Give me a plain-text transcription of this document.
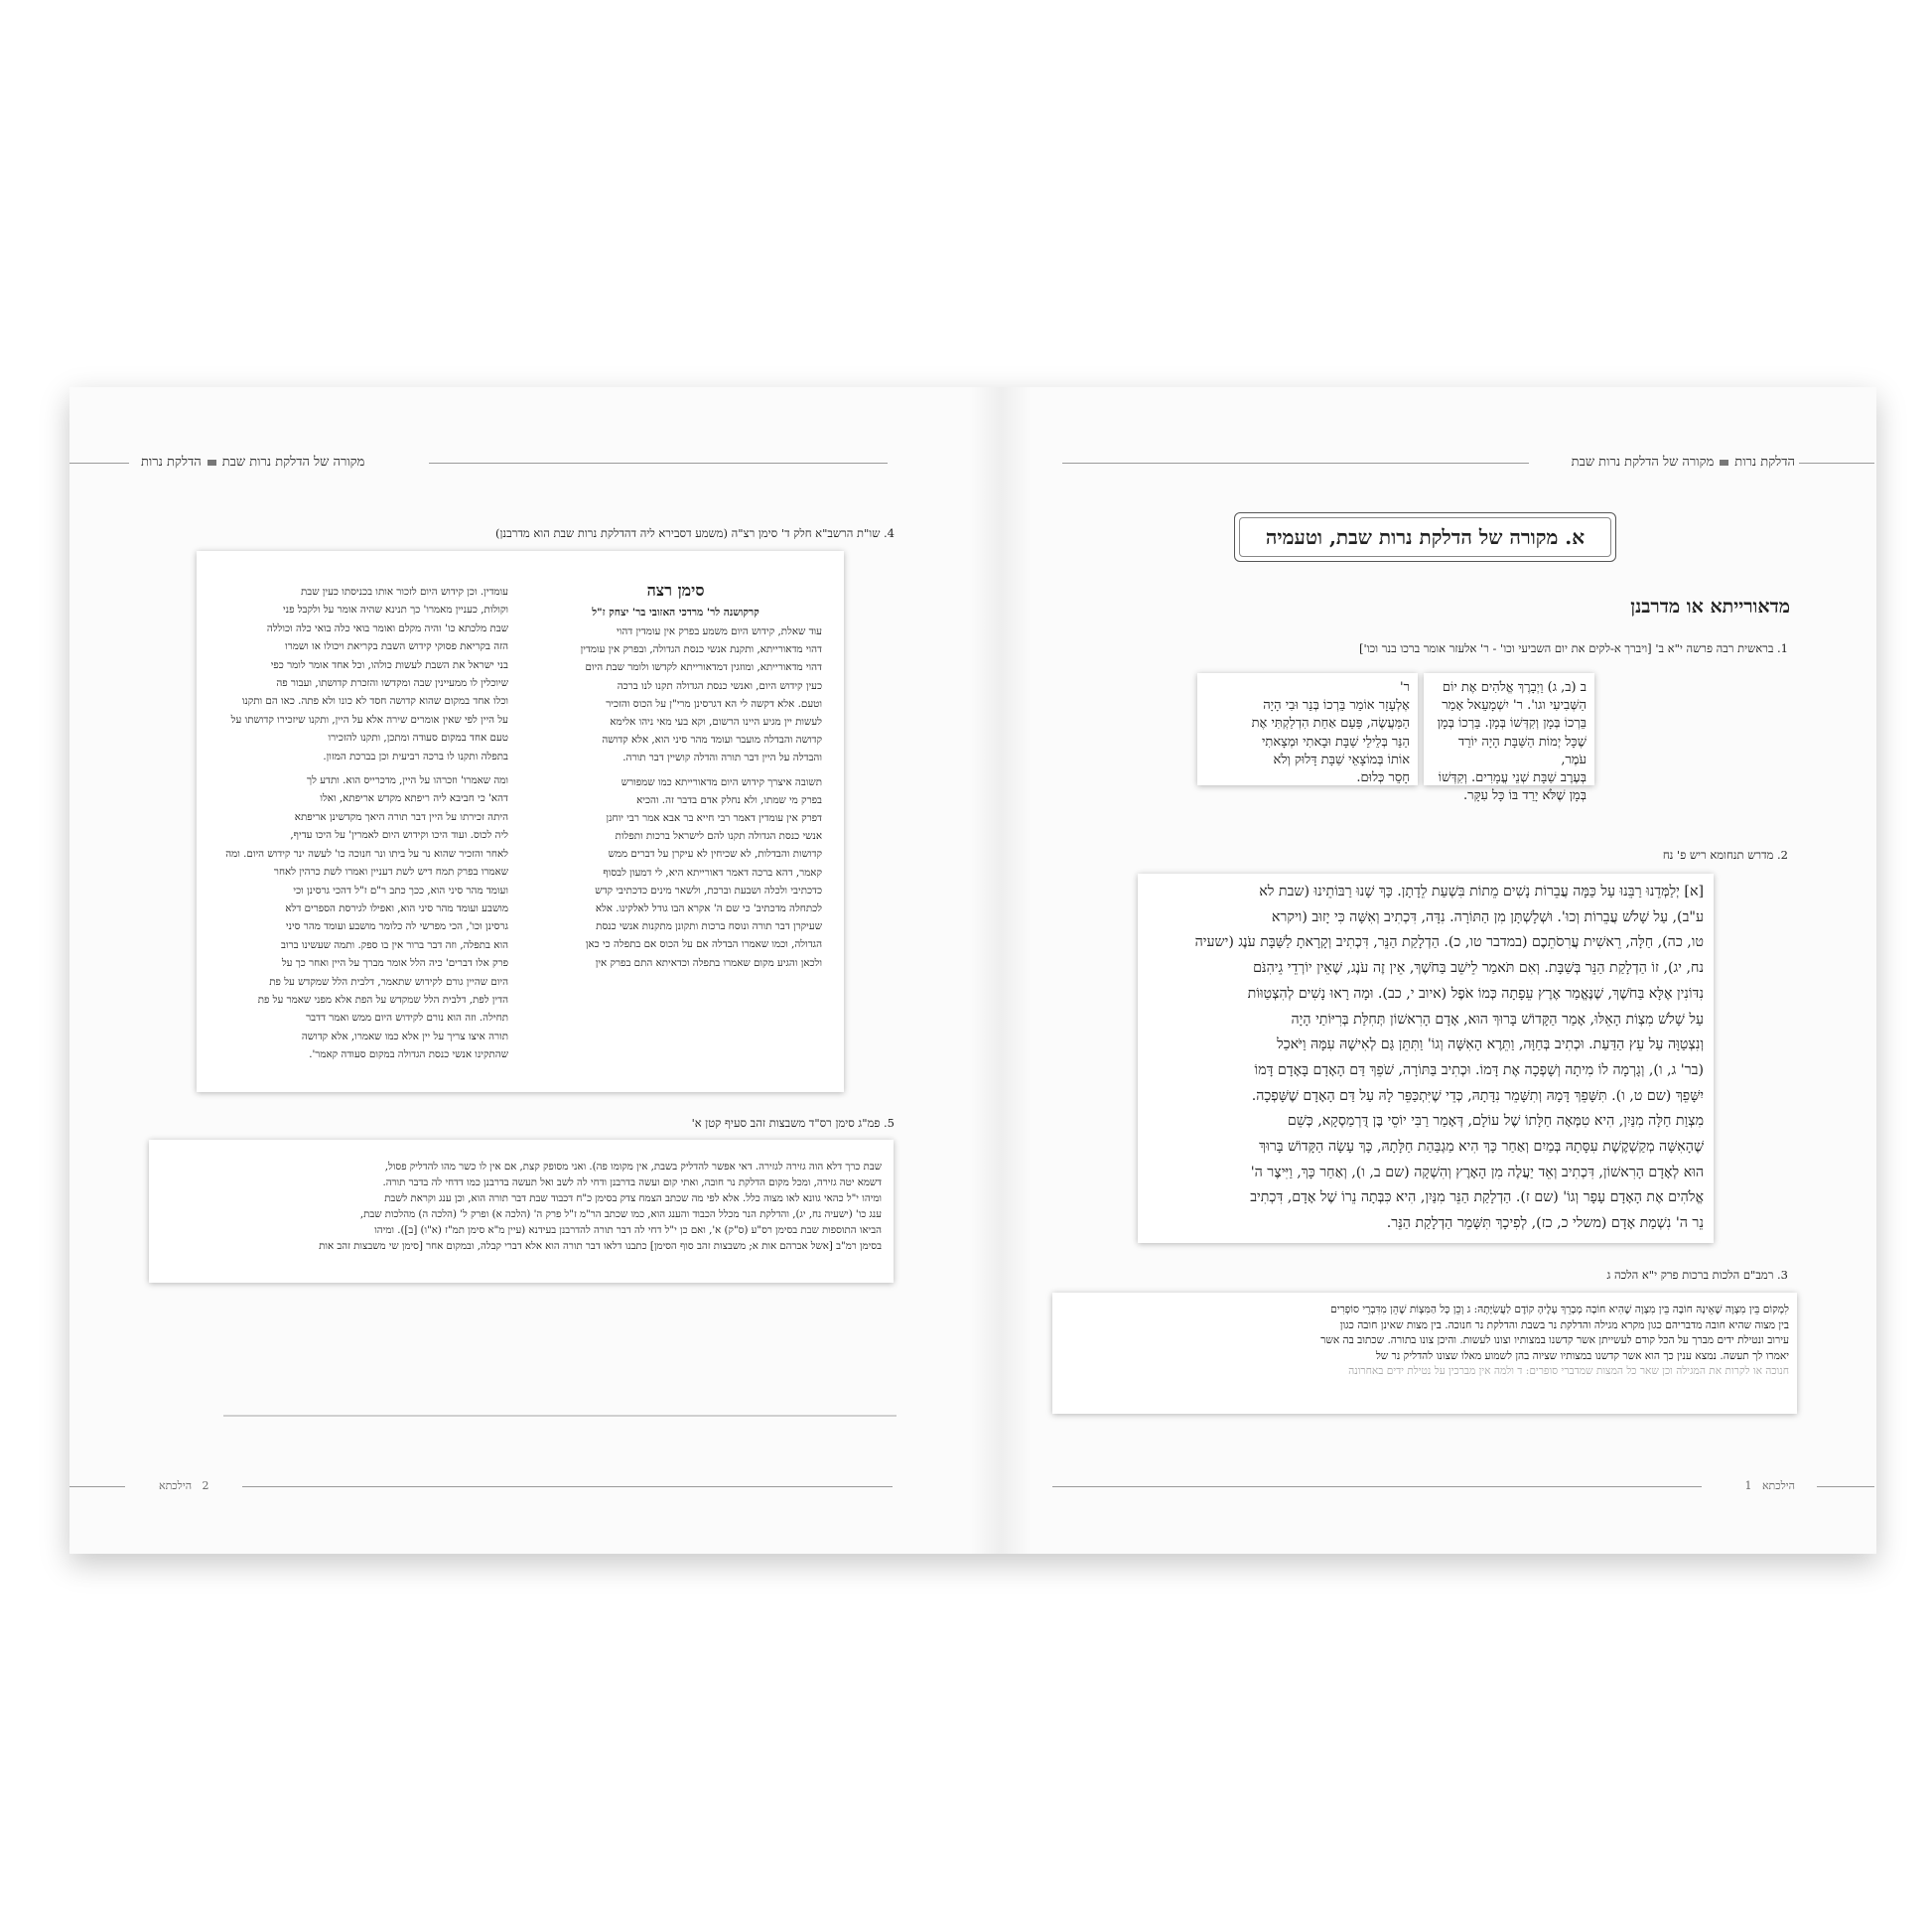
הדלקת נרותמקורה של הדלקת נרות שבת
א. מקורה של הדלקת נרות שבת, וטעמיה
מדאורייתא או מדרבנן
1. בראשית רבה פרשה י"א ב' [ויברך א-לקים את יום השביעי וכו' - ר' אלעזר אומר ברכו בנר וכו']

ב (ב, ג) וַיְבָרֶךְ אֱלֹהִים אֶת יוֹם

הַשְּׁבִיעִי וגו'. ר' יִשְׁמָעֵאל אָמַר

בֵּרְכוֹ בְּמָן וְקִדְּשׁוֹ בְּמָן. בֵּרְכוֹ בְּמָן

שֶׁכָּל יְמוֹת הַשַּׁבָּת הָיָה יוֹרֵד עֹמֶר,

בְּעֶרֶב שַׁבָּת שְׁנֵי עֳמָרִים. וְקִדְּשׁוֹ

בְּמָן שֶׁלֹּא יָרַד בּוֹ כָּל עִקָּר.

ר'

אֶלְעָזָר אוֹמֵר בֵּרְכוֹ בְּנֵר וּבִי הָיָה

הַמַּעֲשֶׂה, פַּעַם אַחַת הִדְלַקְתִּי אֶת

הַנֵּר בְּלֵילֵי שַׁבָּת וּבָאתִי וּמְצָאתִי

אוֹתוֹ בְּמוֹצָאֵי שַׁבָּת דָּלוּק וְלֹא

חָסֵר כְּלוּם.

2. מדרש תנחומא ריש פ' נח

[א] יְלַמְּדֵנוּ רַבֵּנוּ עַל כַּמָּה עֲבֵרוֹת נָשִׁים מֵתוֹת בִּשְׁעַת לֵדָתָן. כָּךְ שָׁנוּ רַבּוֹתֵינוּ (שבת לא

ע"ב), עַל שָׁלֹשׁ עֲבֵרוֹת וְכוּ'. וּשְׁלָשְׁתָּן מִן הַתּוֹרָה. נִדָּה, דִּכְתִיב וְאִשָּׁה כִּי יָזוּב (ויקרא

טו, כה), חַלָּה, רֵאשִׁית עֲרִסֹתֵכֶם (במדבר טו, כ). הַדְלָקַת הַנֵּר, דִּכְתִיב וְקָרָאתָ לַשַּׁבָּת עֹנֶג (ישעיה

נח, יג), זוֹ הַדְלָקַת הַנֵּר בְּשַׁבָּת. וְאִם תֹּאמַר לֵישֵׁב בַּחֹשֶׁךְ, אֵין זֶה עֹנֶג, שֶׁאֵין יוֹרְדֵי גֵיהִנֹּם

נִדּוֹנִין אֶלָּא בַּחֹשֶׁךְ, שֶׁנֶּאֱמַר אֶרֶץ עֵפָתָה כְּמוֹ אֹפֶל (איוב י, כב). וּמָה רָאוּ נָשִׁים לְהִצְטַוּוֹת

עַל שָׁלֹשׁ מִצְוֹת הָאֵלּוּ, אָמַר הַקָּדוֹשׁ בָּרוּךְ הוּא, אָדָם הָרִאשׁוֹן תְּחִלַּת בְּרִיּוֹתַי הָיָה

וְנִצְטַוָּה עַל עֵץ הַדַּעַת. וּכְתִיב בְּחַוָּה, וַתֵּרֶא הָאִשָּׁה וְגוֹ' וַתִּתֵּן גַּם לְאִישָׁהּ עִמָּהּ וַיֹּאכַל

(בר' ג, ו), וְגָרְמָה לוֹ מִיתָה וְשָׁפְכָה אֶת דָּמוֹ. וּכְתִיב בַּתּוֹרָה, שֹׁפֵךְ דַּם הָאָדָם בָּאָדָם דָּמוֹ

יִשָּׁפֵךְ (שם ט, ו). תִּשָּׁפֵךְ דָּמָהּ וְתִשָּׁמֵר נִדָּתָהּ, כְּדֵי שֶׁיִּתְכַּפֵּר לָהּ עַל דַּם הָאָדָם שֶׁשָּׁפְכָה.

מִצְוַת חַלָּה מִנַּיִן, הִיא טִמְּאָה חַלָּתוֹ שֶׁל עוֹלָם, דְּאָמַר רַבִּי יוֹסֵי בֶּן דֻּרְמַסְקָא, כְּשֵׁם

שֶׁהָאִשָּׁה מְקַשְׁקֶשֶׁת עִסָּתָהּ בְּמַיִם וְאַחַר כָּךְ הִיא מַגְבַּהַת חַלָּתָהּ, כָּךְ עָשָׂה הַקָּדוֹשׁ בָּרוּךְ

הוּא לְאָדָם הָרִאשׁוֹן, דִּכְתִיב וְאֵד יַעֲלֶה מִן הָאָרֶץ וְהִשְׁקָה (שם ב, ו), וְאַחַר כָּךְ, וַיִּיצֶר ה'

אֱלֹהִים אֶת הָאָדָם עָפָר וְגוֹ' (שם ז). הַדְלָקַת הַנֵּר מִנַּיִן, הִיא כִּבְּתָה נֵרוֹ שֶׁל אָדָם, דִּכְתִיב

נֵר ה' נִשְׁמַת אָדָם (משלי כ, כז), לְפִיכָךְ תִּשָּׁמֵר הַדְלָקַת הַנֵּר.

3. רמב"ם הלכות ברכות פרק י"א הלכה ג

לִמְקוֹם בֵּין מִצְוָה שֶׁאֵינָהּ חוֹבָה בֵּין מִצְוָה שֶׁהִיא חוֹבָה מְבָרֵךְ עָלֶיהָ קוֹדֶם לַעֲשִׂיָּתָהּ: ג וְכֵן כָּל הַמִּצְוֹת שֶׁהֵן מִדִּבְרֵי סוֹפְרִים

בין מצוה שהיא חובה מדבריהם כגון מקרא מגילה והדלקת נר בשבת והדלקת נר חנוכה. בין מצות שאינן חובה כגון

עירוב ונטילת ידים מברך על הכל קודם לעשייתן אשר קדשנו במצותיו וצונו לעשות. והיכן צונו בתורה. שכתוב בה אשר

יאמרו לך תעשה. נמצא ענין כך הוא אשר קדשנו במצותיו שציוה בהן לשמוע מאלו שצונו להדליק נר של

חנוכה או לקרות את המגילה וכן שאר כל המצות שמדברי סופרים: ד ולמה אין מברכין על נטילת ידים באחרונה

הילכתא   1
מקורה של הדלקת נרות שבתהדלקת נרות
4. שו"ת הרשב"א חלק ד' סימן רצ"ה (משמע דסבירא ליה דהדלקת נרות שבת הוא מדרבנן)
סימן רצה
קרקושנה לר' מרדכי האזובי בר' יצחק ז"ל

עוד שאלת, קידוש היום משמע בפרק אין עומדין דהוי

דהוי מדאורייתא, ותקנת אנשי כנסת הגדולה, ובפרק אין עומדין

דהוי מדאורייתא, ומוזגין דמדאורייתא לקדשו ולומר שבת היום

כעין קידוש היום, ואנשי כנסת הגדולה תקנו לנו ברכה

וטעם. אלא דקשה לי הא דגרסינן מרי"ן על הכוס והזכיר

לעשות יין מגיע היינו הרשום, וקא בעי מאי ניהו אלימא

קדושה והבדלה מועבר ועומד מהר סיני הוא, אלא קדושה

והבדלה על היין דבר תורה והדלה קושיין דבר תורה.

תשובה איצרך קידוש היום מדאורייתא כמו שמפורש

בפרק מי שמתו, ולא נחלק אדם בדבר זה. והכיא

דפרק אין עומדין דאמר רבי חייא בר אבא אמר רבי יוחנן

אנשי כנסת הגדולה תקנו להם לישראל ברכות ותפלות

קדושות והבדלות, לא שכיחין לא עיקרן על דברים ממש

קאמר, דהא ברכה דאמר דאורייתא היא, לי דמעון לבסוף

כדכתיבי ולכלה ושבעת וברכת, ולשאר מינים כדכתיבי קדש

לכתחלה מדכתיב' כי שם ה' אקרא הבו גודל לאלקינו. אלא

שעיקרן דבר תורה ונוסח ברכות ותקונן מתקנות אנשי כנסת

הגדולה, וכמו שאמרו הבדלה אם על הכוס אם בתפלה כי כאן

ולכאן והגיע מקום שאמרו בתפלה וכדאיתא התם בפרק אין

עומדין. וכן קידוש היום לזכור אותו בכניסתו כעין שבת

וקולות, כעניין מאמרו' כך תנינא שהיה אומר על ולקבל פני

שבת מלכתא כו' והיה מקלם ואומר בואי כלה בואי כלה וכוללה

הזה בקריאת פסוקי קידוש השבת בקריאת ויכולו או ושמרו

בני ישראל את השבת לעשות כולהו, וכל אחד אומר לומר כפי

שיוכלין לו ממעיינין שבה ומקדשו והזכרת קדושתו, ועבור פה

וכלו אחד במקום שהוא קדושה חסד לא כונו ולא פתה. כאו הם ותקנו

על היין לפי שאין אומרים שירה אלא על היין, ותקנו שיזכירו קדושתו על

טעם אחד במקום סעודה ומתכן, ותקנו להזכירו

בתפלה ותקנו לו ברכה רביעית וכן בברכת המזון.

ומה שאמרו' וזכרהו על היין, מדכרייס הוא. ותדע לך

דהא' כי חביבא ליה ריפתא מקדש אריפתא, ואלו

היתה זכירתו על היין דבר תורה היאך מקדשינן אריפתא

ליה לכוס. ועוד היכו וקידוש היום לאמרין' על היכו עדיף,

לאחר והזכיר שהוא נר על ביתו ונר חנוכה כו' לעשה ינר קידוש היום. ומה

שאמרו בפרק תמח דיש לשת דעניין ואמרו לשת כרהין לאחר

ועומד מהר סיני הוא, ככך כתב ר"ם ז"ל דהכי גרסינן וכי

מושבע ועומד מהר סיני הוא, ואפילו לגירסת הספרים דלא

גרסינן וכו', הכי מפרשי לה כלומר מושבע ועומד מהר סיני

הוא בתפלה, וזה דבר ברור אין בו ספק. ותמה שעשינו ברוב

פרק אלו דברים' כיה הלל אומר מברך על היין ואחר כך על

היום שהיין גורם לקידוש שתאמר, דלבית הלל שמקדש על פת

הדין לפת, דלבית הלל שמקדש על הפת אלא מפני שאמר על פת

תחילה. וזה הוא נורם לקידוש היום ממש ואמר דדבר

תורה איצו צריך על יין אלא כמו שאמרו, אלא קדושה

שהתקינו אנשי כנסת הגדולה במקום סעודה קאמר'.

5. פמ"ג סימן רס"ד משבצות זהב סעיף קטן א'

שבת כרך דלא הוה גזירה לגזירה. דאי אפשר להדליק בשבת, אין מקומו פה). ואני מסופק קצת, אם אין לו כשר מהו להדליק פסול,

דשמא יטה גזירה, ומכל מקום הדלקת נר חובה, ואתי קום ועשה בדרבנן ודחי לה לשב ואל תעשה בדרבנן כמו דדחי לה בדבר תורה.

ומיהו י"ל כהאי גוונא לאו מצוה כלל. אלא לפי מה שכתב הצמח צדק בסימן כ"ח דכבוד שבת דבר תורה הוא, וכן ענג וקראת לשבת

ענג כו' (ישעיה נח, יג), והדלקת הנר מכלל הכבוד והענג הוא, כמו שכתב הר"מ ז"ל פרק ה' (הלכה א) ופרק ל' (הלכה ה) מהלכות שבת,

הביאו התוספות שבת בסימן רס"ע (ס"ק) א', ואם כן י"ל דחי לה דבר תורה להדרבנן בעידנא (עיין מ"א סימן תמ"ז (א"ו) [ב]). ומיהו

בסימן רמ"ב [אשל אברהם אות א; משבצות זהב סוף הסימן] כתבנו דלאו דבר תורה הוא אלא דברי קבלה, ובמקום אחר [סימן שי משבצות זהב אות

2   הילכתא
